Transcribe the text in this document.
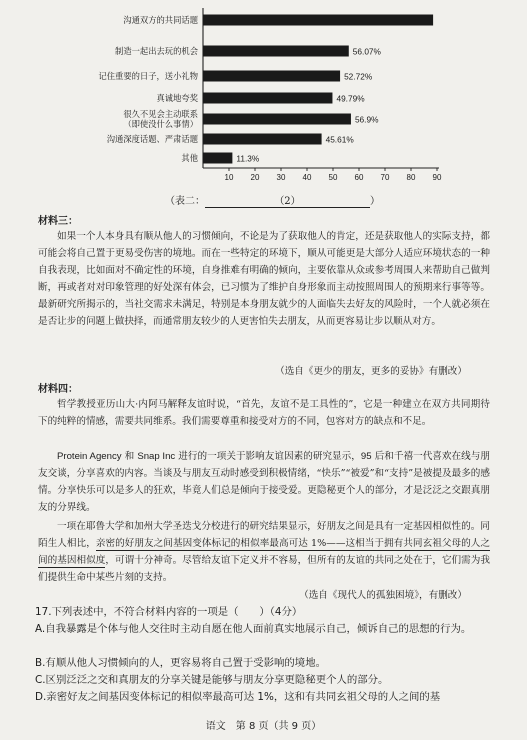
10 20 30 40 50 60 70 80 90
沟通双方的共同话题
制造一起出去玩的机会	56.07%
记住重要的日子，送小礼物	52.72%
真诚地夸奖	49.79%
很久不见会主动联系
（即使没什么事情）	56.9%
沟通深度话题、严肃话题	45.61%
其他	11.3%
（表二：	（2）	）
材料三：

如果一个人本身具有顺从他人的习惯倾向，不论是为了获取他人的肯定，还是获取他人的实际支持，都可能会将自己置于更易受伤害的境地。而在一些特定的环境下，顺从可能更是大部分人适应环境状态的一种自我表现，比如面对不确定性的环境，自身推难有明确的倾向，主要依靠从众或参考周围人来帮助自己做判断，再或者对对印象管理的好处深有体会，已习惯为了维护自身形象而主动按照周围人的预期来行事等等。最新研究所揭示的，当社交需求未满足，特别是本身朋友就少的人面临失去好友的风险时，一个人就必须在是否让步的问题上做抉择，而通常朋友较少的人更害怕失去朋友，从而更容易让步以顺从对方。

（选自《更少的朋友，更多的妥协》有删改）
材料四：

哲学教授亚历山大·内阿马解释友谊时说，“首先，友谊不是工具性的”，它是一种建立在双方共同期待下的纯粹的情感，需要共同维系。我们需要尊重和接受对方的不同，包容对方的缺点和不足。

Protein Agency 和 Snap Inc 进行的一项关于影响友谊因素的研究显示，95 后和千禧一代喜欢在线与朋友交谈，分享喜欢的内容。当谈及与朋友互动时感受到积极情绪，“快乐”“被爱”和“支持”是被提及最多的感情。分享快乐可以是多人的狂欢，毕竟人们总是倾向于接受爱。更隐秘更个人的部分，才是泛泛之交跟真朋友的分界线。

一项在耶鲁大学和加州大学圣迭戈分校进行的研究结果显示，好朋友之间是具有一定基因相似性的。同陌生人相比，亲密的好朋友之间基因变体标记的相似率最高可达 1%——这相当于拥有共同玄祖父母的人之间的基因相似度，可谓十分神奇。尽管给友谊下定义并不容易，但所有的友谊的共同之处在于，它们需为我们提供生命中某些片刻的支持。

（选自《现代人的孤独困境》，有删改）

17.下列表述中，不符合材料内容的一项是（　　）（4分）

A.自我暴露是个体与他人交往时主动自愿在他人面前真实地展示自己，倾诉自己的思想的行为。

B.有顺从他人习惯倾向的人，更容易将自己置于受影响的境地。

C.区别泛泛之交和真朋友的分享关键是能够与朋友分享更隐秘更个人的部分。

D.亲密好友之间基因变体标记的相似率最高可达 1%，这和有共同玄祖父母的人之间的基

语文　第 8 页（共 9 页）
